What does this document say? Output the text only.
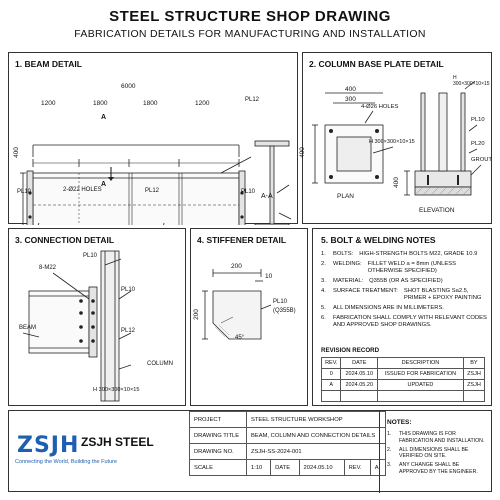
STEEL STRUCTURE SHOP DRAWING
FABRICATION DETAILS FOR MANUFACTURING AND INSTALLATION
1. BEAM DETAIL
6000
1200	1800	1800	1200
400
A
A
PL12
2-Ø22 HOLES	PL12
PL10	PL10
A-A
2. COLUMN BASE PLATE DETAIL
400
300
4-Ø26 HOLES
400
H 300×300×10×15
PLAN
H 300×300×10×15
PL10
PL20
GROUT
400
ELEVATION
3. CONNECTION DETAIL
8-M22
PL10
PL10
PL12
BEAM
COLUMN
H 300×300×10×15
4. STIFFENER DETAIL
200
10
200
PL10
(Q355B)
45°
5. BOLT & WELDING NOTES
1.	BOLTS: HIGH-STRENGTH BOLTS M22, GRADE 10.9
2.	WELDING: FILLET WELD a = 8mm (UNLESS OTHERWISE SPECIFIED)
3.	MATERIAL: Q355B (OR AS SPECIFIED)
4.	SURFACE TREATMENT: SHOT BLASTING Sa2.5, PRIMER + EPOXY PAINTING
5.	ALL DIMENSIONS ARE IN MILLIMETERS.
6.	FABRICATION SHALL COMPLY WITH RELEVANT CODES AND APPROVED SHOP DRAWINGS.
REVISION RECORD
REV.	DATE	DESCRIPTION	BY
0	2024.05.10	ISSUED FOR FABRICATION	ZSJH
A	2024.05.20	UPDATED	ZSJH

ZSJH ZSJH STEEL
Connecting the World, Building the Future
PROJECT	STEEL STRUCTURE WORKSHOP				
DRAWING TITLE	BEAM, COLUMN AND CONNECTION DETAILS				
DRAWING NO.	ZSJH-SS-2024-001				
SCALE	1:10	DATE	2024.05.10	REV.	A
NOTES:
1.	THIS DRAWING IS FOR FABRICATION AND INSTALLATION.
2.	ALL DIMENSIONS SHALL BE VERIFIED ON SITE.
3.	ANY CHANGE SHALL BE APPROVED BY THE ENGINEER.
